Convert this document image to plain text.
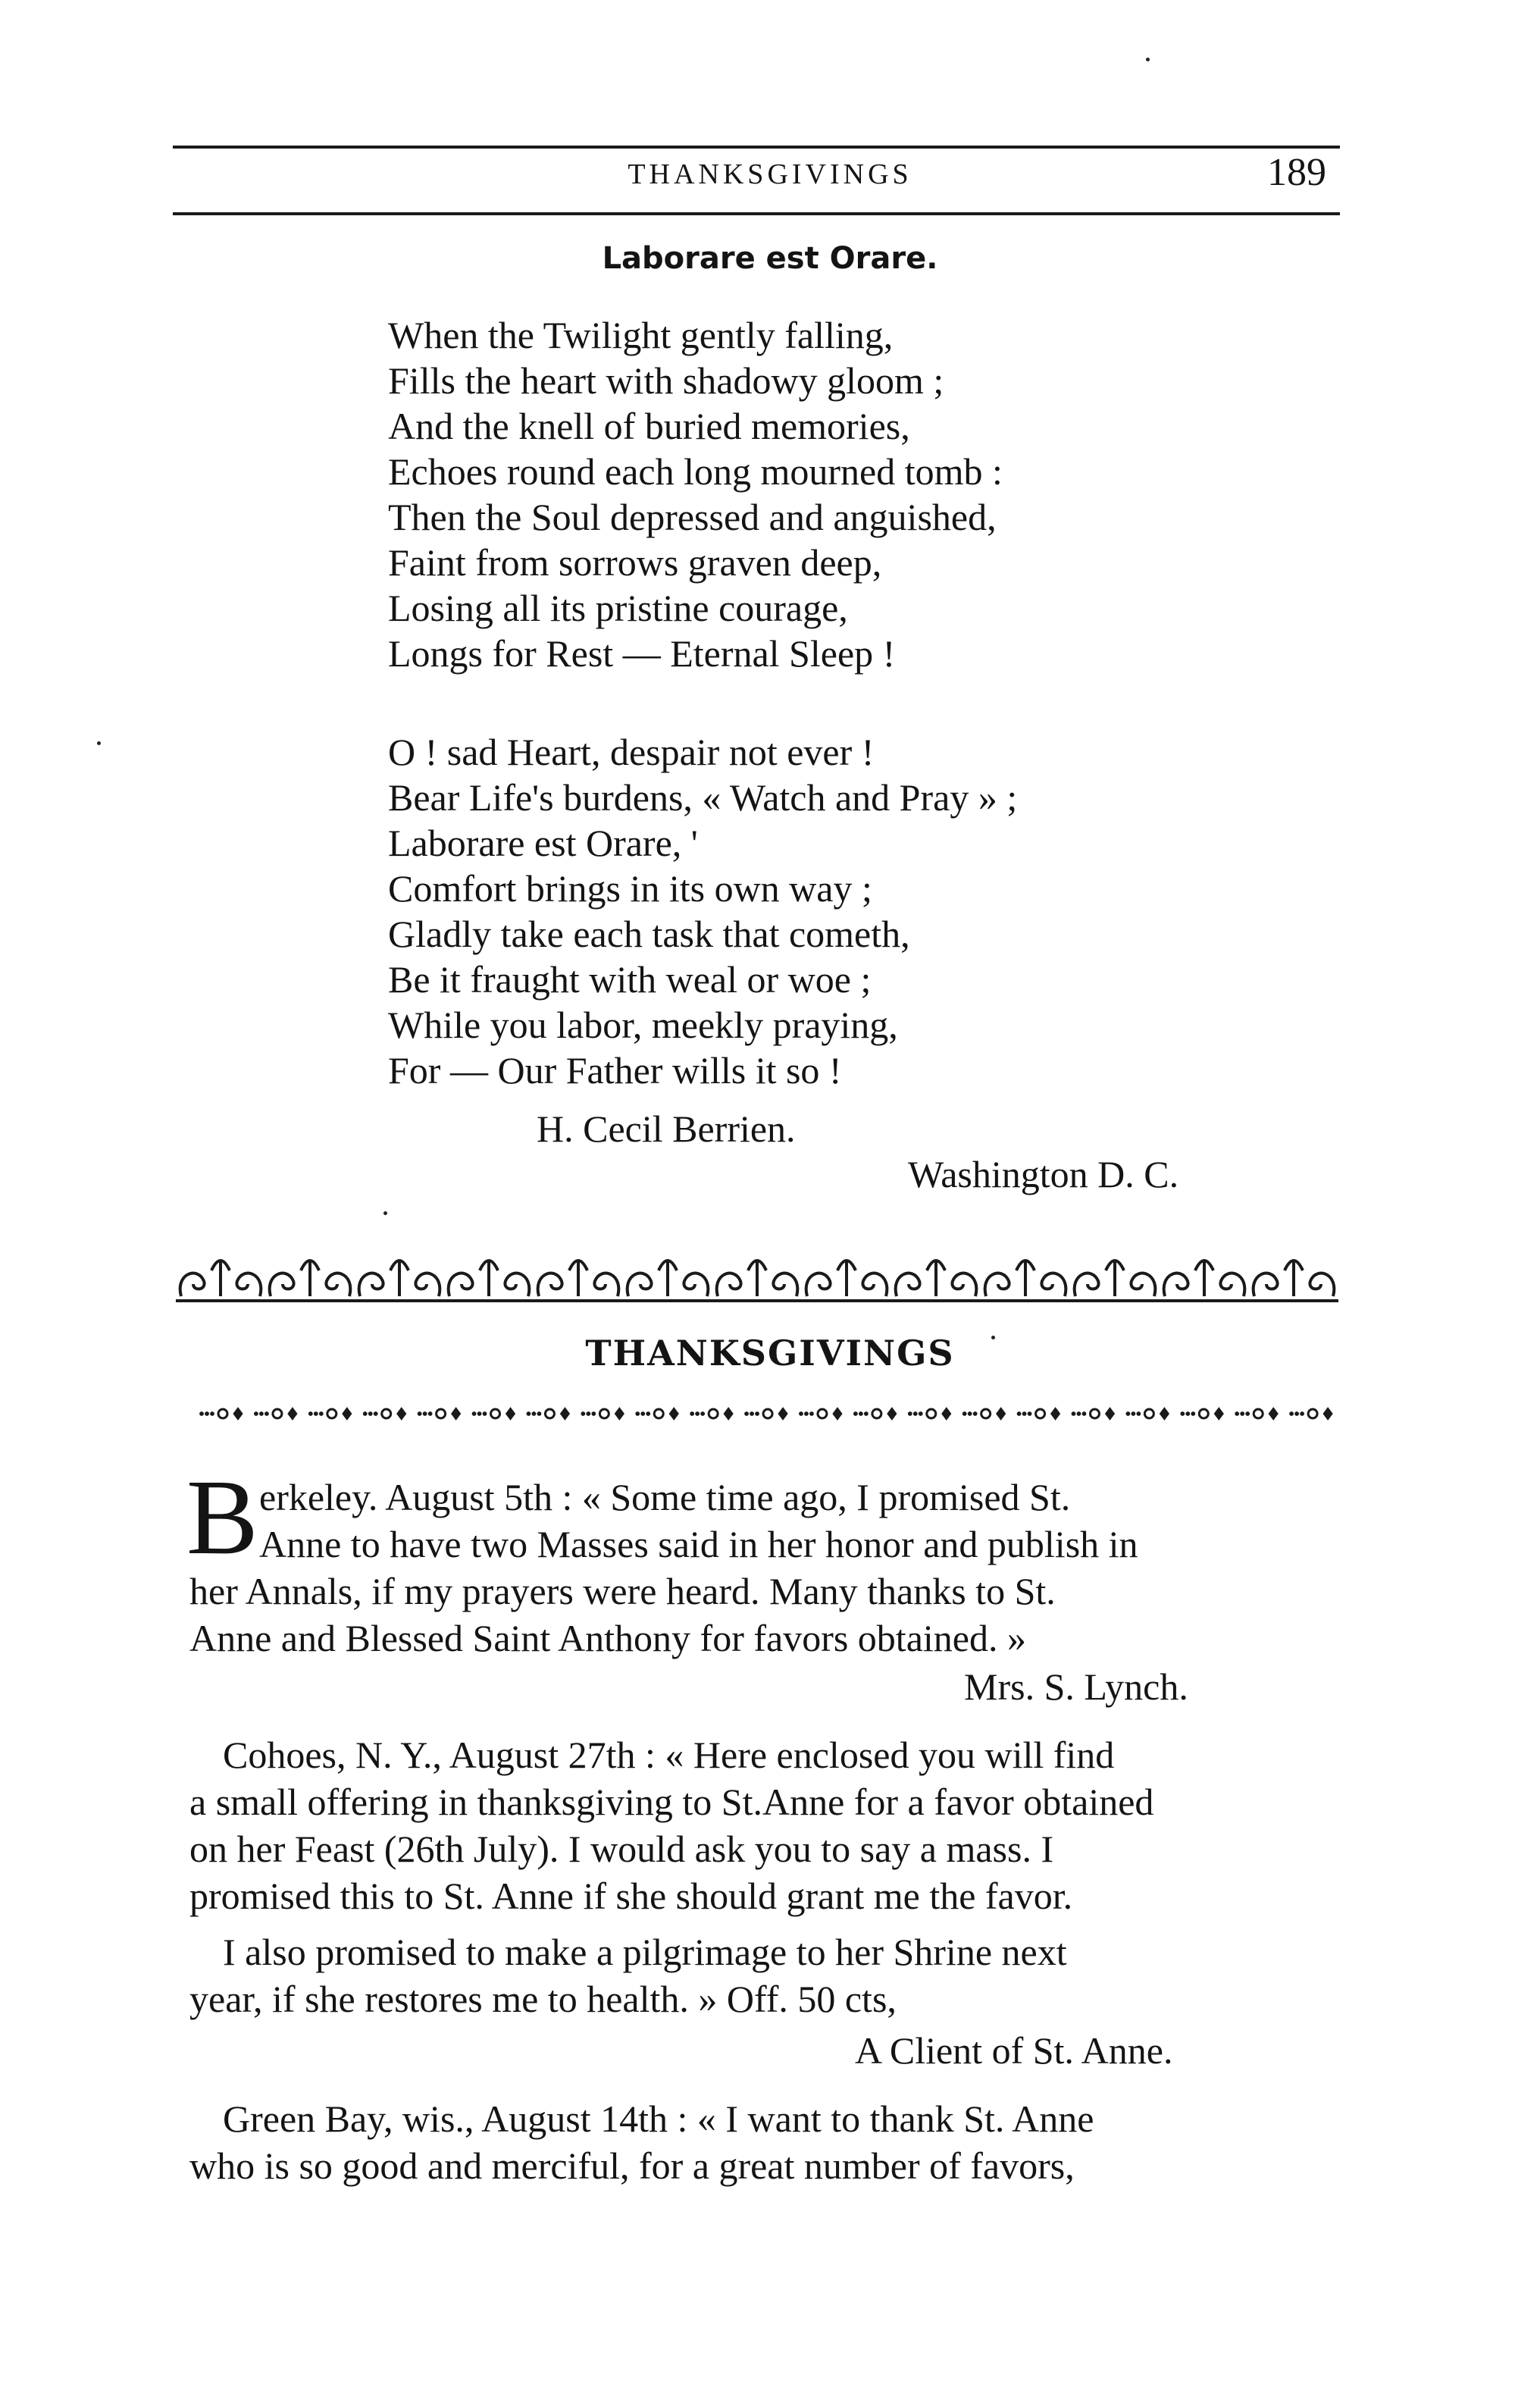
THANKSGIVINGS	189
Laborare est Orare.
When the Twilight gently falling,
Fills the heart with shadowy gloom ;
And the knell of buried memories,
Echoes round each long mourned tomb :
Then the Soul depressed and anguished,
Faint from sorrows graven deep,
Losing all its pristine courage,
Longs for Rest — Eternal Sleep !
O ! sad Heart, despair not ever !
Bear Life's burdens, « Watch and Pray » ;
Laborare est Orare, '
Comfort brings in its own way ;
Gladly take each task that cometh,
Be it fraught with weal or woe ;
While you labor, meekly praying,
For — Our Father wills it so !
H. Cecil Berrien.
Washington D. C.
THANKSGIVINGS
B erkeley. August 5th : « Some time ago, I promised St.
Anne to have two Masses said in her honor and publish in
her Annals, if my prayers were heard. Many thanks to St.
Anne and Blessed Saint Anthony for favors obtained. »
Mrs. S. Lynch.
Cohoes, N. Y., August 27th : « Here enclosed you will find
a small offering in thanksgiving to St.Anne for a favor obtained
on her Feast (26th July). I would ask you to say a mass. I
promised this to St. Anne if she should grant me the favor.
I also promised to make a pilgrimage to her Shrine next
year, if she restores me to health. » Off. 50 cts,
A Client of St. Anne.
Green Bay, wis., August 14th : « I want to thank St. Anne
who is so good and merciful, for a great number of favors,
